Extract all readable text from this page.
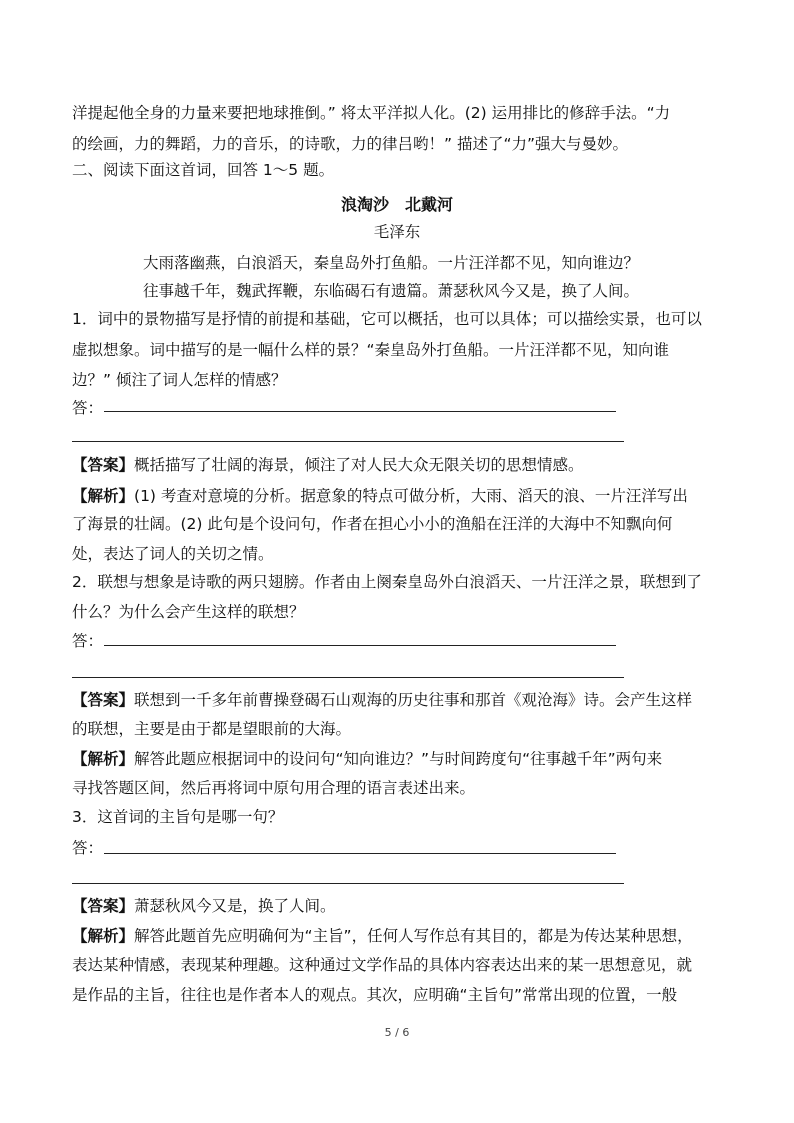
洋提起他全身的力量来要把地球推倒。” 将太平洋拟人化。(2) 运用排比的修辞手法。“力
的绘画，力的舞蹈，力的音乐，的诗歌，力的律吕哟！” 描述了“力”强大与曼妙。
二、阅读下面这首词，回答 1～5 题。
浪淘沙　北戴河
毛泽东
大雨落幽燕，白浪滔天，秦皇岛外打鱼船。一片汪洋都不见，知向谁边？
往事越千年，魏武挥鞭，东临碣石有遗篇。萧瑟秋风今又是，换了人间。
1．词中的景物描写是抒情的前提和基础，它可以概括，也可以具体；可以描绘实景，也可以
虚拟想象。词中描写的是一幅什么样的景？“秦皇岛外打鱼船。一片汪洋都不见，知向谁
边？” 倾注了词人怎样的情感？
答：
【答案】概括描写了壮阔的海景，倾注了对人民大众无限关切的思想情感。
【解析】(1) 考查对意境的分析。据意象的特点可做分析，大雨、滔天的浪、一片汪洋写出
了海景的壮阔。(2) 此句是个设问句，作者在担心小小的渔船在汪洋的大海中不知飘向何
处，表达了词人的关切之情。
2．联想与想象是诗歌的两只翅膀。作者由上阕秦皇岛外白浪滔天、一片汪洋之景，联想到了
什么？为什么会产生这样的联想？
答：
【答案】联想到一千多年前曹操登碣石山观海的历史往事和那首《观沧海》诗。会产生这样
的联想，主要是由于都是望眼前的大海。
【解析】解答此题应根据词中的设问句“知向谁边？”与时间跨度句“往事越千年”两句来
寻找答题区间，然后再将词中原句用合理的语言表述出来。
3．这首词的主旨句是哪一句？
答：
【答案】萧瑟秋风今又是，换了人间。
【解析】解答此题首先应明确何为“主旨”，任何人写作总有其目的，都是为传达某种思想，
表达某种情感，表现某种理趣。这种通过文学作品的具体内容表达出来的某一思想意见，就
是作品的主旨，往往也是作者本人的观点。其次，应明确“主旨句”常常出现的位置，一般
5 / 6
